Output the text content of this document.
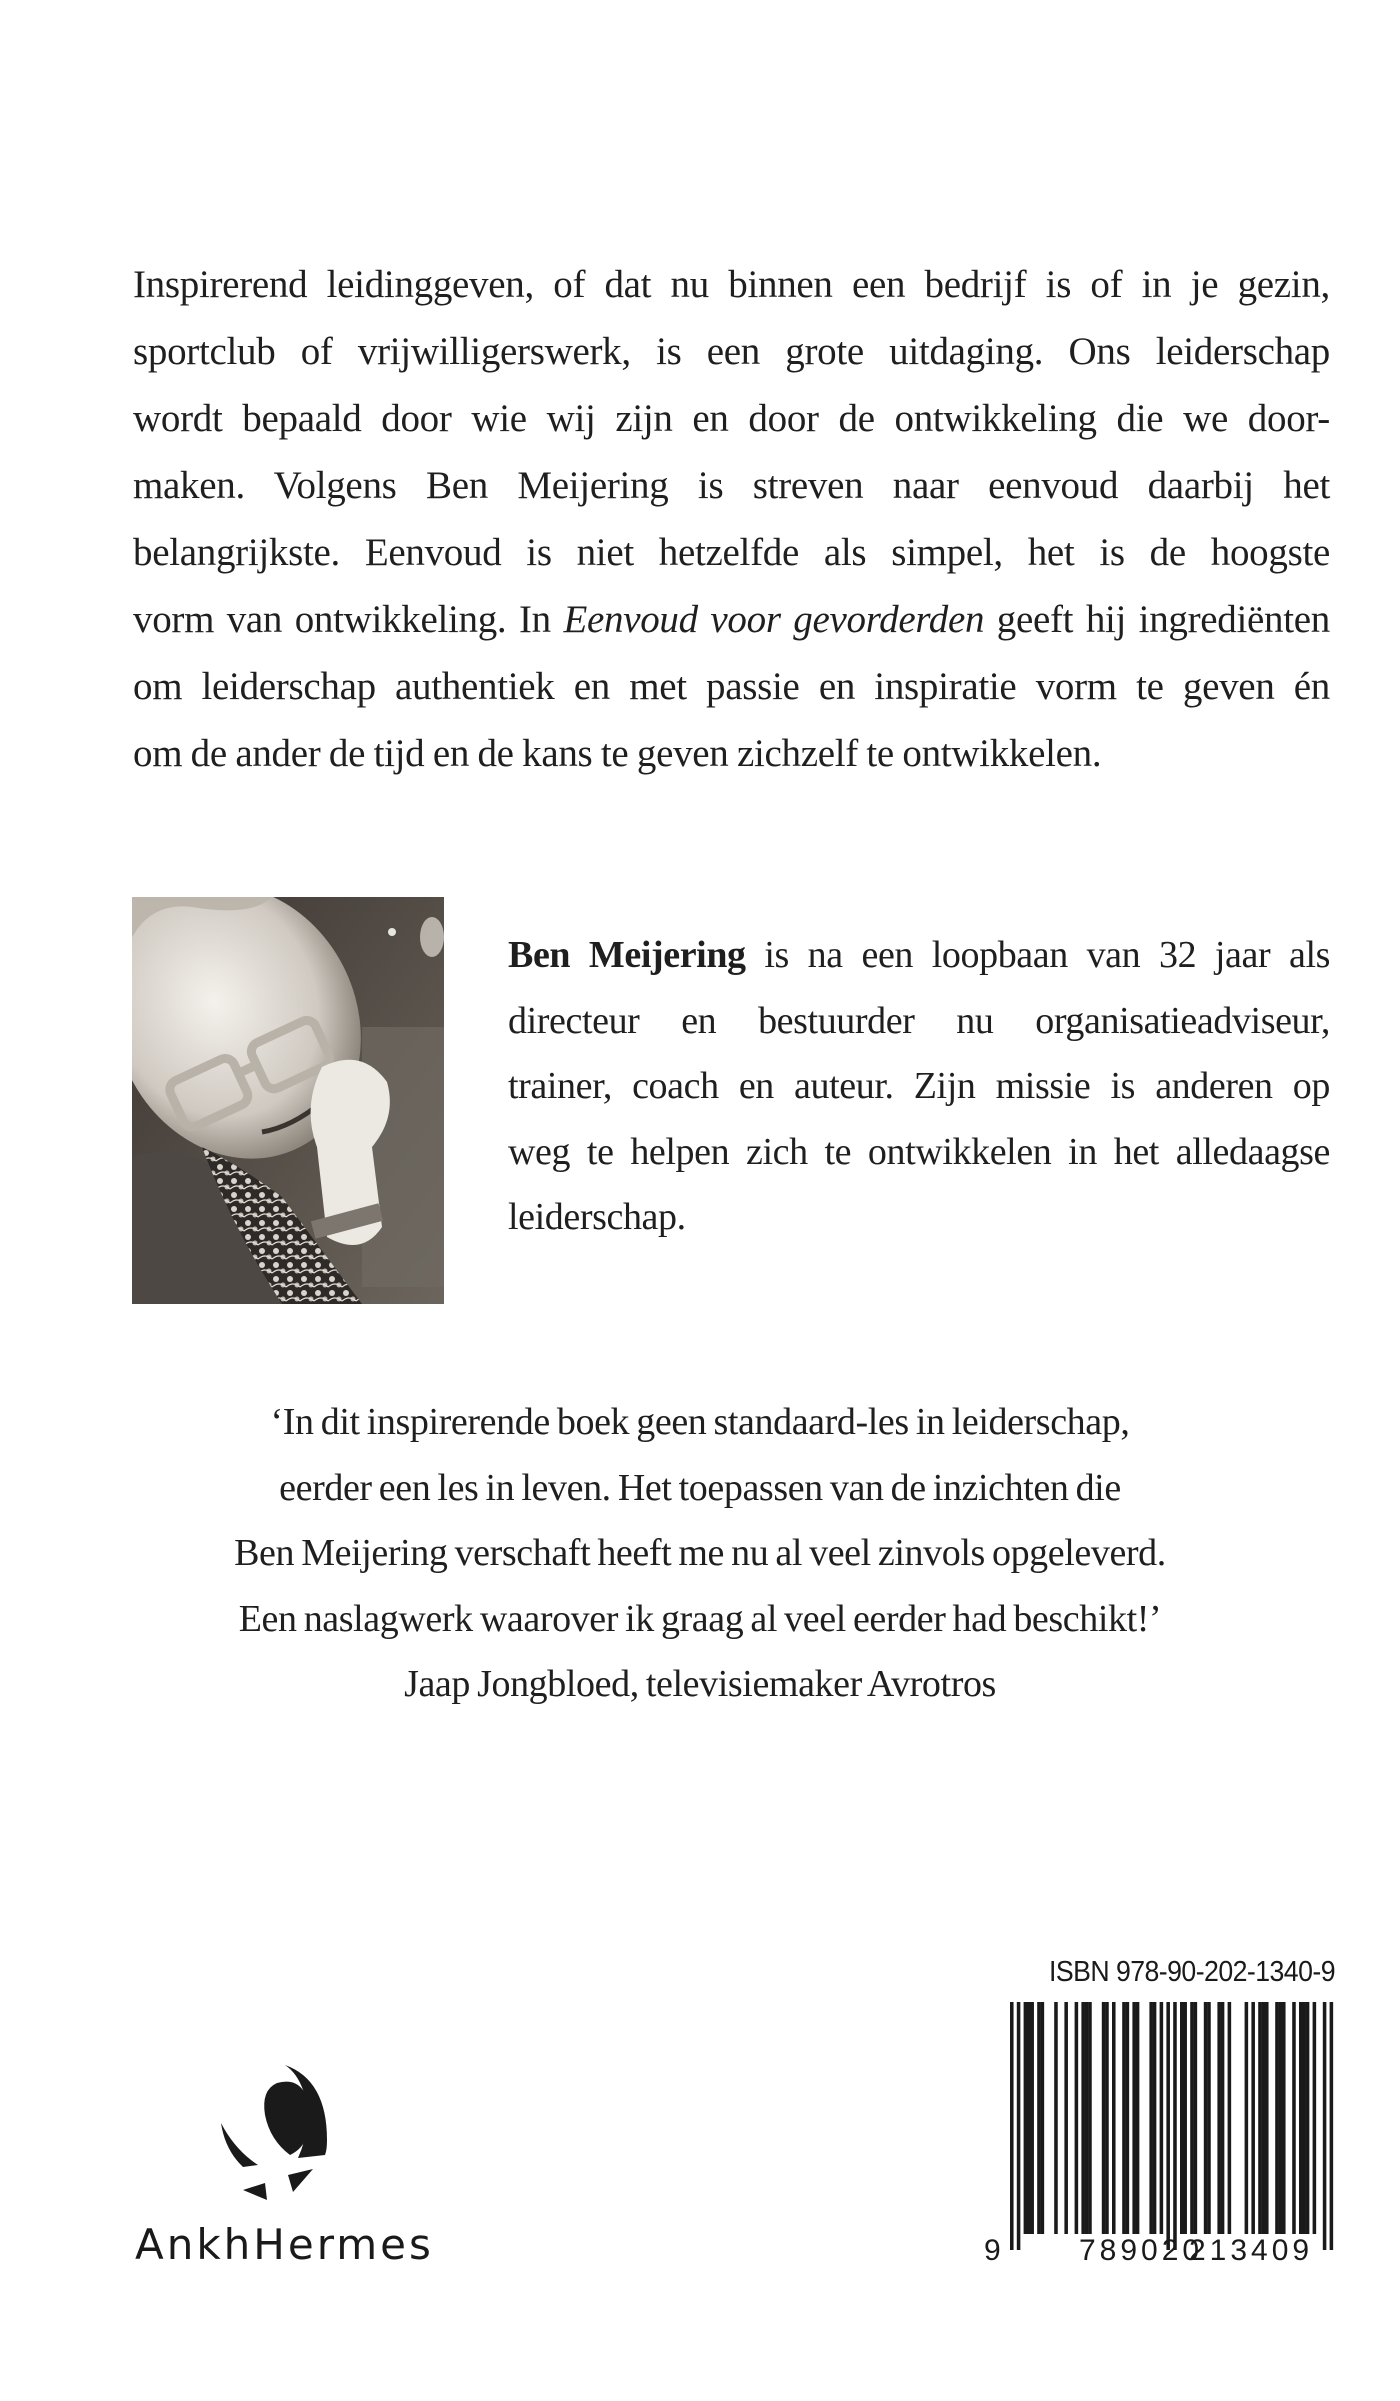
Inspirerend leidinggeven, of dat nu binnen een bedrijf is of in je gezin,
sportclub of vrijwilligerswerk, is een grote uitdaging. Ons leiderschap
wordt bepaald door wie wij zijn en door de ontwikkeling die we door-
maken. Volgens Ben Meijering is streven naar eenvoud daarbij het
belangrijkste. Eenvoud is niet hetzelfde als simpel, het is de hoogste
vorm van ontwikkeling. In Eenvoud voor gevorderden geeft hij ingrediënten
om leiderschap authentiek en met passie en inspiratie vorm te geven én
om de ander de tijd en de kans te geven zichzelf te ontwikkelen.
Ben Meijering is na een loopbaan van 32 jaar als
directeur en bestuurder nu organisatieadviseur,
trainer, coach en auteur. Zijn missie is anderen op
weg te helpen zich te ontwikkelen in het alledaagse
leiderschap.
‘In dit inspirerende boek geen standaard-les in leiderschap,
eerder een les in leven. Het toepassen van de inzichten die
Ben Meijering verschaft heeft me nu al veel zinvols opgeleverd.
Een naslagwerk waarover ik graag al veel eerder had beschikt!’
Jaap Jongbloed, televisiemaker Avrotros
AnkhHermes
ISBN 978-90-202-1340-9
9	789020
213409
